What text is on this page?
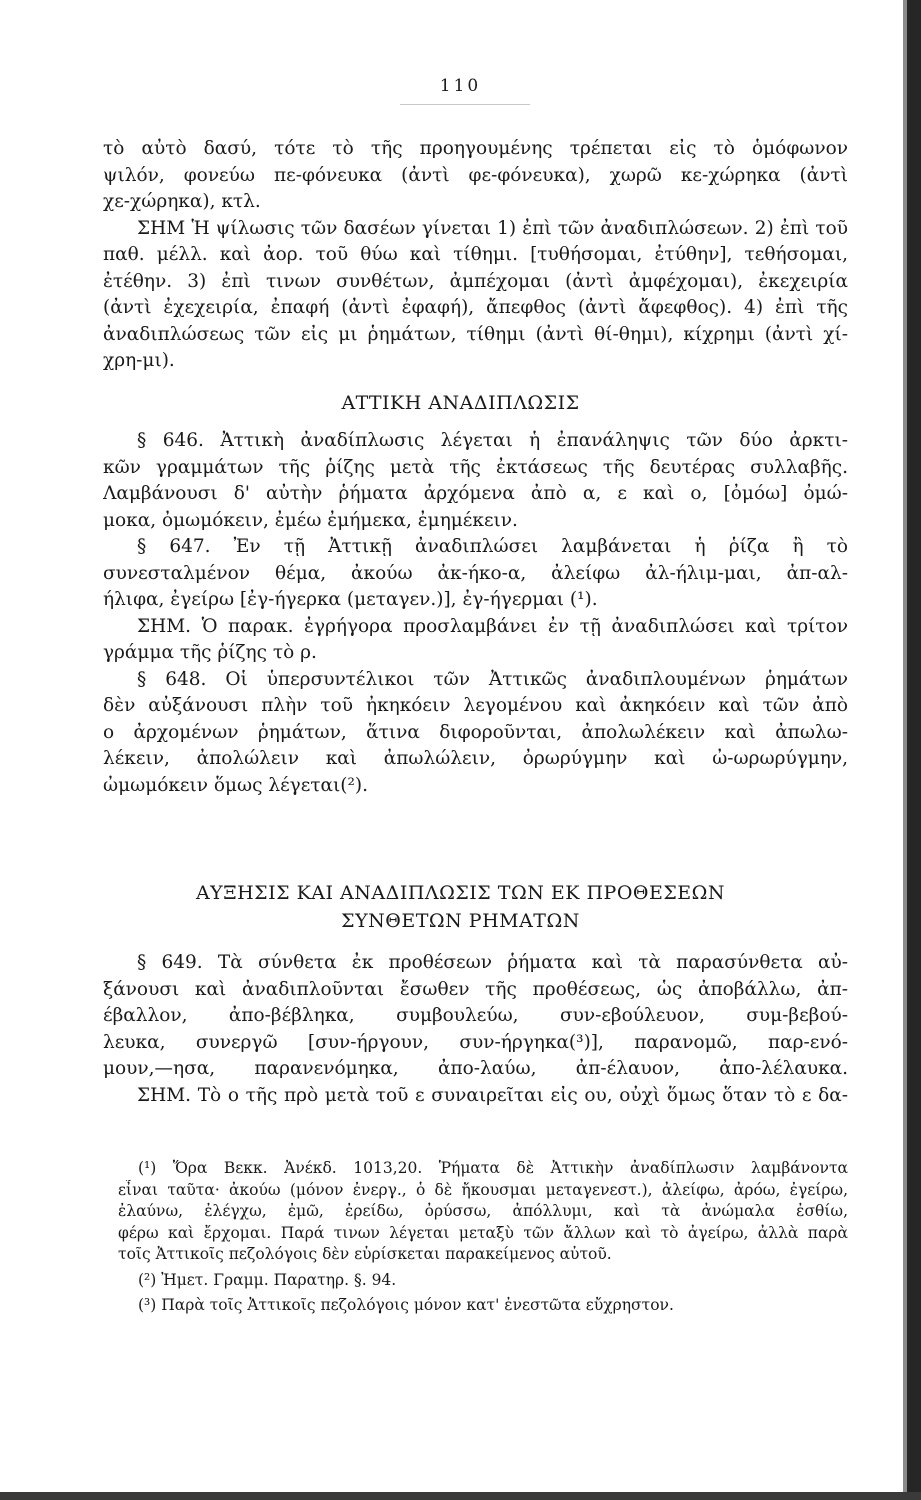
110
τὸ αὐτὸ δασύ, τότε τὸ τῆς προηγουμένης τρέπεται εἰς τὸ ὁμόφωνον
ψιλόν, φονεύω πε-φόνευκα (ἀντὶ φε-φόνευκα), χωρῶ κε-χώρηκα (ἀντὶ
χε-χώρηκα), κτλ.
ΣΗΜ Ἡ ψίλωσις τῶν δασέων γίνεται 1) ἐπὶ τῶν ἀναδιπλώσεων. 2) ἐπὶ τοῦ
παθ. μέλλ. καὶ ἀορ. τοῦ θύω καὶ τίθημι. [τυθήσομαι, ἐτύθην], τεθήσομαι,
ἐτέθην. 3) ἐπὶ τινων συνθέτων, ἀμπέχομαι (ἀντὶ ἀμφέχομαι), ἐκεχειρία
(ἀντὶ ἐχεχειρία, ἐπαφή (ἀντὶ ἐφαφή), ἄπεφθος (ἀντὶ ἄφεφθος). 4) ἐπὶ τῆς
ἀναδιπλώσεως τῶν εἰς μι ῥημάτων, τίθημι (ἀντὶ θί-θημι), κίχρημι (ἀντὶ χί-
χρη-μι).
ΑΤΤΙΚΗ ΑΝΑΔΙΠΛΩΣΙΣ
§ 646. Ἀττικὴ ἀναδίπλωσις λέγεται ἡ ἐπανάληψις τῶν δύο ἀρκτι-
κῶν γραμμάτων τῆς ῥίζης μετὰ τῆς ἐκτάσεως τῆς δευτέρας συλλαβῆς.
Λαμβάνουσι δ' αὐτὴν ῥήματα ἀρχόμενα ἀπὸ α, ε καὶ ο, [ὀμόω] ὀμώ-
μοκα, ὀμωμόκειν, ἐμέω ἐμήμεκα, ἐμημέκειν.
§ 647. Ἐν τῇ Ἀττικῇ ἀναδιπλώσει λαμβάνεται ἡ ῥίζα ἢ τὸ
συνεσταλμένον θέμα, ἀκούω ἀκ-ήκο-α, ἀλείφω ἀλ-ήλιμ-μαι, ἀπ-αλ-
ήλιφα, ἐγείρω [ἐγ-ήγερκα (μεταγεν.)], ἐγ-ήγερμαι (¹).
ΣΗΜ. Ὁ παρακ. ἐγρήγορα προσλαμβάνει ἐν τῇ ἀναδιπλώσει καὶ τρίτον
γράμμα τῆς ῥίζης τὸ ρ.
§ 648. Οἱ ὑπερσυντέλικοι τῶν Ἀττικῶς ἀναδιπλουμένων ῥημάτων
δὲν αὐξάνουσι πλὴν τοῦ ἠκηκόειν λεγομένου καὶ ἀκηκόειν καὶ τῶν ἀπὸ
ο ἀρχομένων ῥημάτων, ἅτινα διφοροῦνται, ἀπολωλέκειν καὶ ἀπωλω-
λέκειν, ἀπολώλειν καὶ ἀπωλώλειν, ὀρωρύγμην καὶ ὠ-ωρωρύγμην,
ὠμωμόκειν ὅμως λέγεται(²).
ΑΥΞΗΣΙΣ ΚΑΙ ΑΝΑΔΙΠΛΩΣΙΣ ΤΩΝ ΕΚ ΠΡΟΘΕΣΕΩΝ
ΣΥΝΘΕΤΩΝ ΡΗΜΑΤΩΝ
§ 649. Τὰ σύνθετα ἐκ προθέσεων ῥήματα καὶ τὰ παρασύνθετα αὐ-
ξάνουσι καὶ ἀναδιπλοῦνται ἔσωθεν τῆς προθέσεως, ὡς ἀποβάλλω, ἀπ-
έβαλλον, ἀπο-βέβληκα, συμβουλεύω, συν-εβούλευον, συμ-βεβού-
λευκα, συνεργῶ [συν-ήργουν, συν-ήργηκα(³)], παρανομῶ, παρ-ενό-
μουν,—ησα, παρανενόμηκα, ἀπο-λαύω, ἀπ-έλαυον, ἀπο-λέλαυκα.
ΣΗΜ. Τὸ ο τῆς πρὸ μετὰ τοῦ ε συναιρεῖται εἰς ου, οὐχὶ ὅμως ὅταν τὸ ε δα-
(¹) Ὅρα Βεκκ. Ἀνέκδ. 1013,20. Ῥήματα δὲ Ἀττικὴν ἀναδίπλωσιν λαμβάνοντα
εἶναι ταῦτα· ἀκούω (μόνον ἐνεργ., ὁ δὲ ἤκουσμαι μεταγενεστ.), ἀλείφω, ἀρόω, ἐγείρω,
ἐλαύνω, ἐλέγχω, ἐμῶ, ἐρείδω, ὀρύσσω, ἀπόλλυμι, καὶ τὰ ἀνώμαλα ἐσθίω,
φέρω καὶ ἔρχομαι. Παρά τινων λέγεται μεταξὺ τῶν ἄλλων καὶ τὸ ἀγείρω, ἀλλὰ παρὰ
τοῖς Ἀττικοῖς πεζολόγοις δὲν εὑρίσκεται παρακείμενος αὐτοῦ.
(²) Ἠμετ. Γραμμ. Παρατηρ. §. 94.
(³) Παρὰ τοῖς Ἀττικοῖς πεζολόγοις μόνον κατ' ἐνεστῶτα εὔχρηστον.
